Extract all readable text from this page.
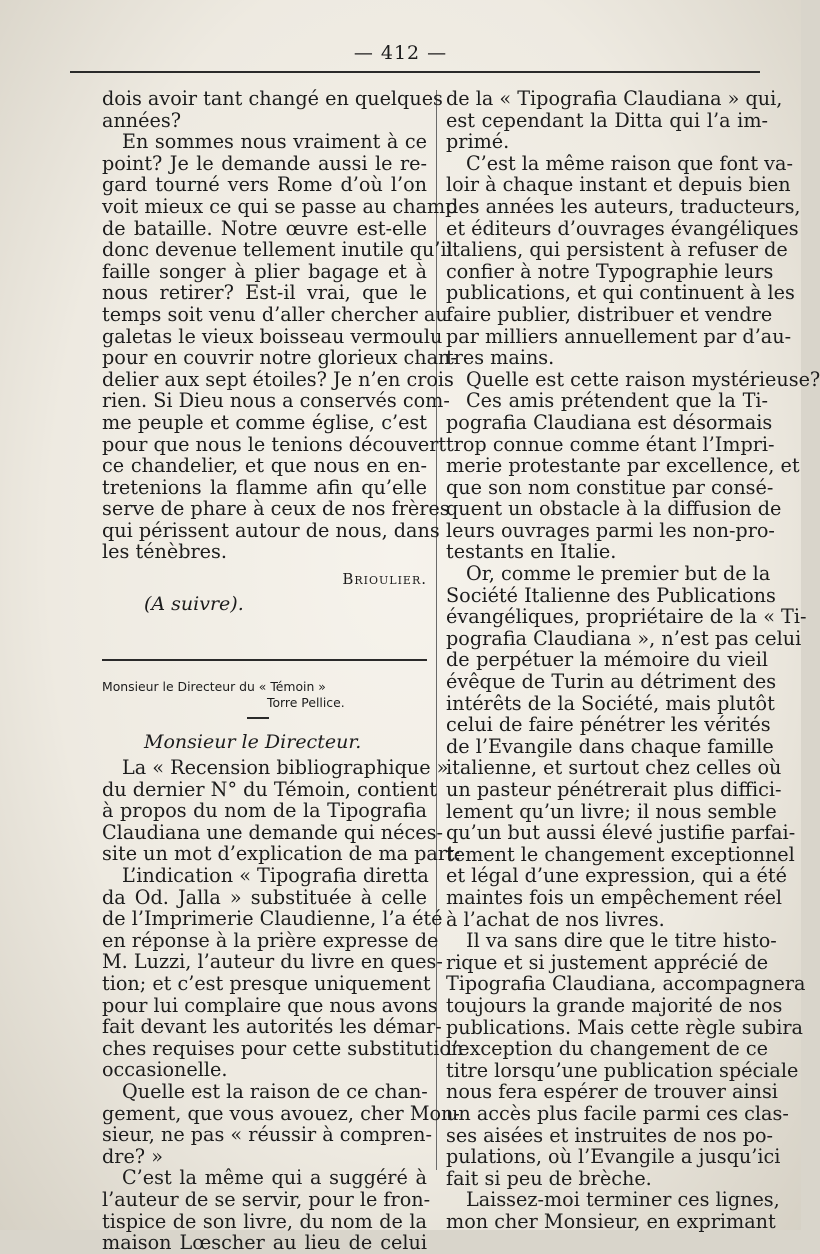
— 412 —
dois avoir tant changé en quelques
années?
En sommes nous vraiment à ce
point? Je le demande aussi le re-
gard tourné vers Rome d’où l’on
voit mieux ce qui se passe au champ
de bataille. Notre œuvre est-elle
donc devenue tellement inutile qu’il
faille songer à plier bagage et à
nous retirer? Est-il vrai, que le
temps soit venu d’aller chercher au
galetas le vieux boisseau vermoulu
pour en couvrir notre glorieux chan-
delier aux sept étoiles? Je n’en crois
rien. Si Dieu nous a conservés com-
me peuple et comme église, c’est
pour que nous le tenions découvert
ce chandelier, et que nous en en-
tretenions la flamme afin qu’elle
serve de phare à ceux de nos frères
qui périssent autour de nous, dans
les ténèbres.
Brioulier.
(A suivre).
Monsieur le Directeur du « Témoin »
Torre Pellice.
Monsieur le Directeur.
La « Recension bibliographique »
du dernier N° du Témoin, contient
à propos du nom de la Tipografia
Claudiana une demande qui néces-
site un mot d’explication de ma part:
L’indication « Tipografia diretta
da Od. Jalla » substituée à celle
de l’Imprimerie Claudienne, l’a été
en réponse à la prière expresse de
M. Luzzi, l’auteur du livre en ques-
tion; et c’est presque uniquement
pour lui complaire que nous avons
fait devant les autorités les démar-
ches requises pour cette substitution
occasionelle.
Quelle est la raison de ce chan-
gement, que vous avouez, cher Mon-
sieur, ne pas « réussir à compren-
dre? »
C’est la même qui a suggéré à
l’auteur de se servir, pour le fron-
tispice de son livre, du nom de la
maison Lœscher au lieu de celui
de la « Tipografia Claudiana » qui,
est cependant la Ditta qui l’a im-
primé.
C’est la même raison que font va-
loir à chaque instant et depuis bien
des années les auteurs, traducteurs,
et éditeurs d’ouvrages évangéliques
italiens, qui persistent à refuser de
confier à notre Typographie leurs
publications, et qui continuent à les
faire publier, distribuer et vendre
par milliers annuellement par d’au-
tres mains.
Quelle est cette raison mystérieuse?
Ces amis prétendent que la Ti-
pografia Claudiana est désormais
trop connue comme étant l’Impri-
merie protestante par excellence, et
que son nom constitue par consé-
quent un obstacle à la diffusion de
leurs ouvrages parmi les non-pro-
testants en Italie.
Or, comme le premier but de la
Société Italienne des Publications
évangéliques, propriétaire de la « Ti-
pografia Claudiana », n’est pas celui
de perpétuer la mémoire du vieil
évêque de Turin au détriment des
intérêts de la Société, mais plutôt
celui de faire pénétrer les vérités
de l’Evangile dans chaque famille
italienne, et surtout chez celles où
un pasteur pénétrerait plus diffici-
lement qu’un livre; il nous semble
qu’un but aussi élevé justifie parfai-
tement le changement exceptionnel
et légal d’une expression, qui a été
maintes fois un empêchement réel
à l’achat de nos livres.
Il va sans dire que le titre histo-
rique et si justement apprécié de
Tipografia Claudiana, accompagnera
toujours la grande majorité de nos
publications. Mais cette règle subira
l’exception du changement de ce
titre lorsqu’une publication spéciale
nous fera espérer de trouver ainsi
un accès plus facile parmi ces clas-
ses aisées et instruites de nos po-
pulations, où l’Evangile a jusqu’ici
fait si peu de brèche.
Laissez-moi terminer ces lignes,
mon cher Monsieur, en exprimant
